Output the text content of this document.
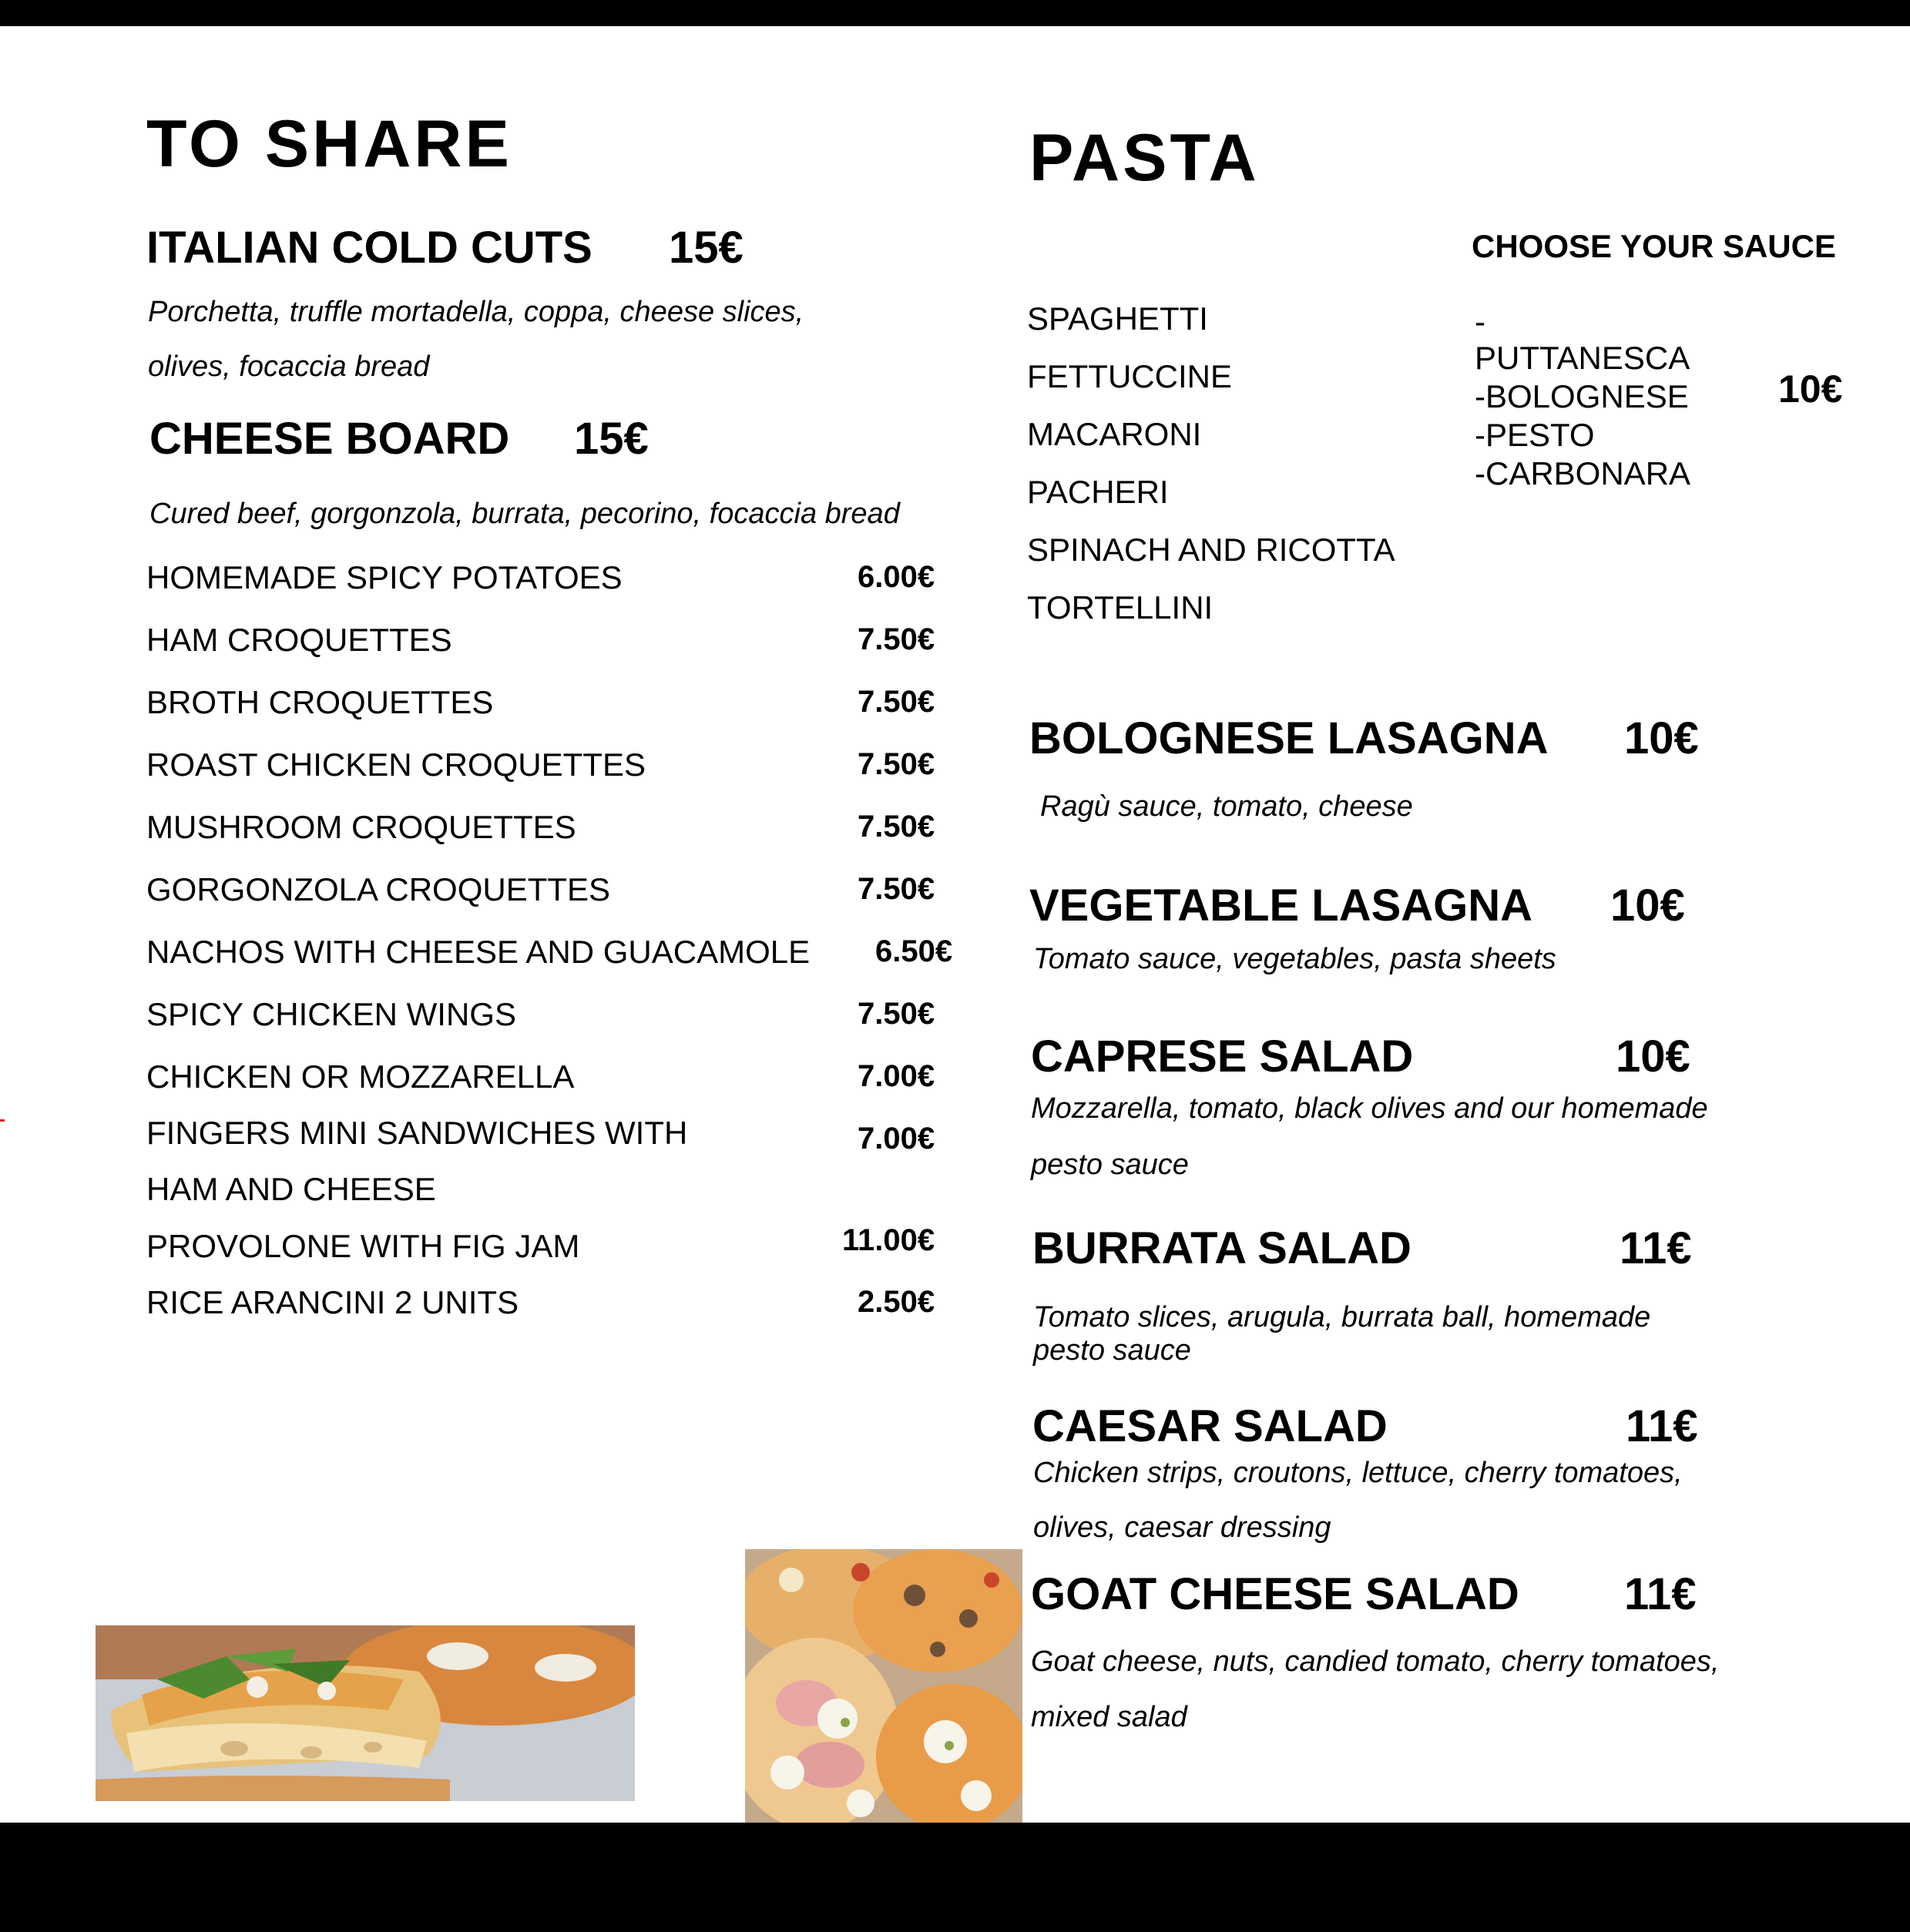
TO SHARE
ITALIAN COLD CUTS 15€
Porchetta, truffle mortadella, coppa, cheese slices,
olives, focaccia bread
CHEESE BOARD 15€
Cured beef, gorgonzola, burrata, pecorino, focaccia bread
HOMEMADE SPICY POTATOES	6.00€
HAM CROQUETTES	7.50€
BROTH CROQUETTES	7.50€
ROAST CHICKEN CROQUETTES	7.50€
MUSHROOM CROQUETTES	7.50€
GORGONZOLA CROQUETTES	7.50€
NACHOS WITH CHEESE AND GUACAMOLE 6.50€
SPICY CHICKEN WINGS	7.50€
CHICKEN OR MOZZARELLA	7.00€
FINGERS MINI SANDWICHES WITH	7.00€
HAM AND CHEESE
PROVOLONE WITH FIG JAM	11.00€
RICE ARANCINI 2 UNITS	2.50€
PASTA
CHOOSE YOUR SAUCE
SPAGHETTI
FETTUCCINE
MACARONI
PACHERI
SPINACH AND RICOTTA
TORTELLINI
-
PUTTANESCA
-BOLOGNESE
-PESTO
-CARBONARA
10€
BOLOGNESE LASAGNA 10€
Ragù sauce, tomato, cheese
VEGETABLE LASAGNA 10€
Tomato sauce, vegetables, pasta sheets
CAPRESE SALAD	10€
Mozzarella, tomato, black olives and our homemade
pesto sauce
BURRATA SALAD	11€
Tomato slices, arugula, burrata ball, homemade
pesto sauce
CAESAR SALAD	11€
Chicken strips, croutons, lettuce, cherry tomatoes,
olives, caesar dressing
GOAT CHEESE SALAD 11€
Goat cheese, nuts, candied tomato, cherry tomatoes,
mixed salad
